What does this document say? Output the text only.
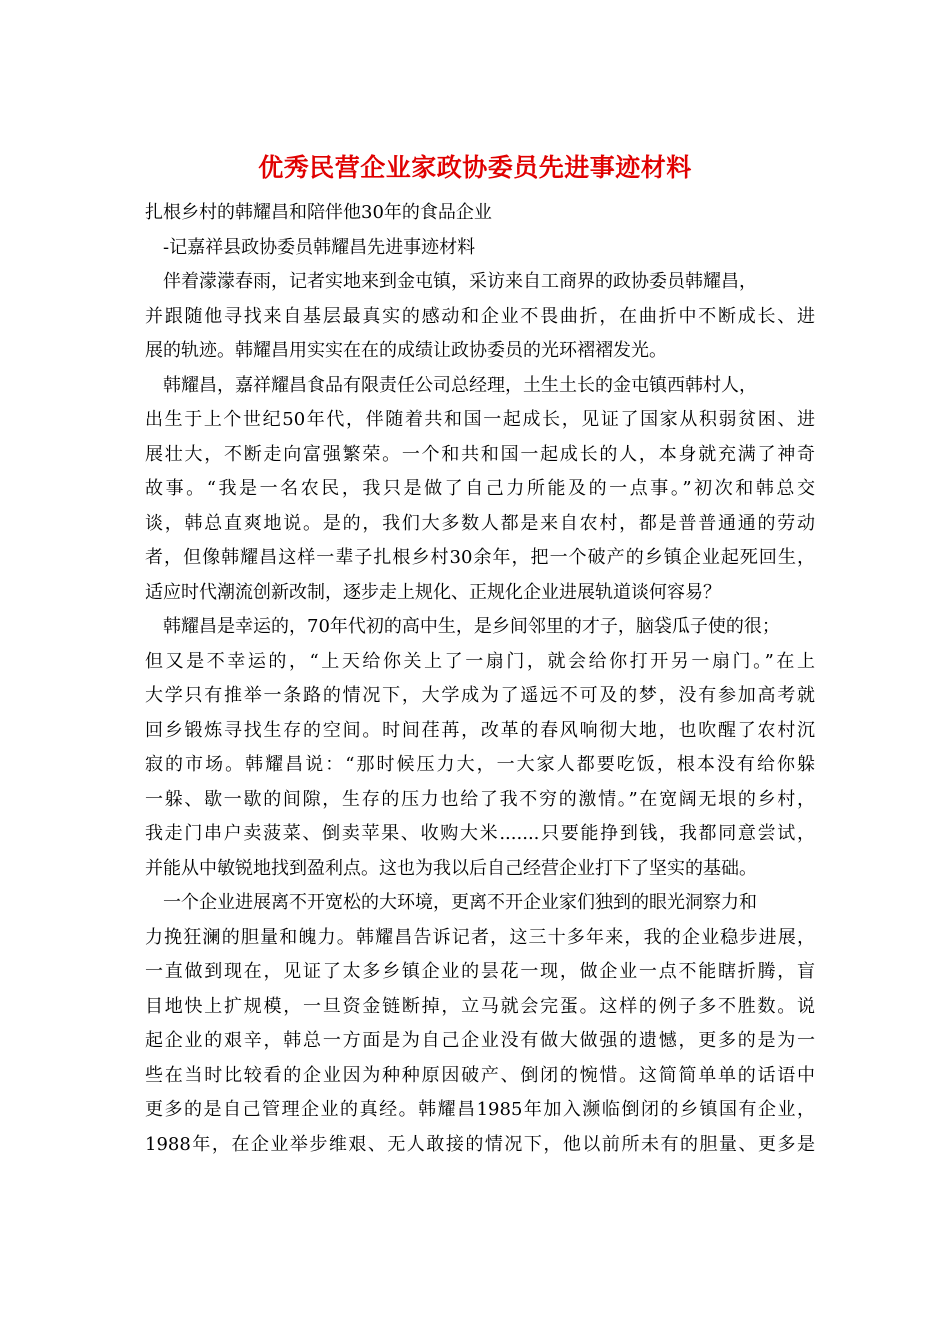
优秀民营企业家政协委员先进事迹材料
扎根乡村的韩耀昌和陪伴他30年的食品企业
-记嘉祥县政协委员韩耀昌先进事迹材料
伴着濛濛春雨，记者实地来到金屯镇，采访来自工商界的政协委员韩耀昌，
并跟随他寻找来自基层最真实的感动和企业不畏曲折，在曲折中不断成长、进
展的轨迹。韩耀昌用实实在在的成绩让政协委员的光环褶褶发光。
韩耀昌，嘉祥耀昌食品有限责任公司总经理，土生土长的金屯镇西韩村人，
出生于上个世纪50年代，伴随着共和国一起成长，见证了国家从积弱贫困、进
展壮大，不断走向富强繁荣。一个和共和国一起成长的人，本身就充满了神奇
故事。“我是一名农民，我只是做了自己力所能及的一点事。”初次和韩总交
谈，韩总直爽地说。是的，我们大多数人都是来自农村，都是普普通通的劳动
者，但像韩耀昌这样一辈子扎根乡村30余年，把一个破产的乡镇企业起死回生，
适应时代潮流创新改制，逐步走上规化、正规化企业进展轨道谈何容易？
韩耀昌是幸运的，70年代初的高中生，是乡间邻里的才子，脑袋瓜子使的很；
但又是不幸运的，“上天给你关上了一扇门，就会给你打开另一扇门。”在上
大学只有推举一条路的情况下，大学成为了遥远不可及的梦，没有参加高考就
回乡锻炼寻找生存的空间。时间荏苒，改革的春风响彻大地，也吹醒了农村沉
寂的市场。韩耀昌说：“那时候压力大，一大家人都要吃饭，根本没有给你躲
一躲、歇一歇的间隙，生存的压力也给了我不穷的激情。”在宽阔无垠的乡村，
我走门串户卖菠菜、倒卖苹果、收购大米.......只要能挣到钱，我都同意尝试，
并能从中敏锐地找到盈利点。这也为我以后自己经营企业打下了坚实的基础。
一个企业进展离不开宽松的大环境，更离不开企业家们独到的眼光洞察力和
力挽狂澜的胆量和魄力。韩耀昌告诉记者，这三十多年来，我的企业稳步进展，
一直做到现在，见证了太多乡镇企业的昙花一现，做企业一点不能瞎折腾，盲
目地快上扩规模，一旦资金链断掉，立马就会完蛋。这样的例子多不胜数。说
起企业的艰辛，韩总一方面是为自己企业没有做大做强的遗憾，更多的是为一
些在当时比较看的企业因为种种原因破产、倒闭的惋惜。这简简单单的话语中
更多的是自己管理企业的真经。韩耀昌1985年加入濒临倒闭的乡镇国有企业，
1988年，在企业举步维艰、无人敢接的情况下，他以前所未有的胆量、更多是
